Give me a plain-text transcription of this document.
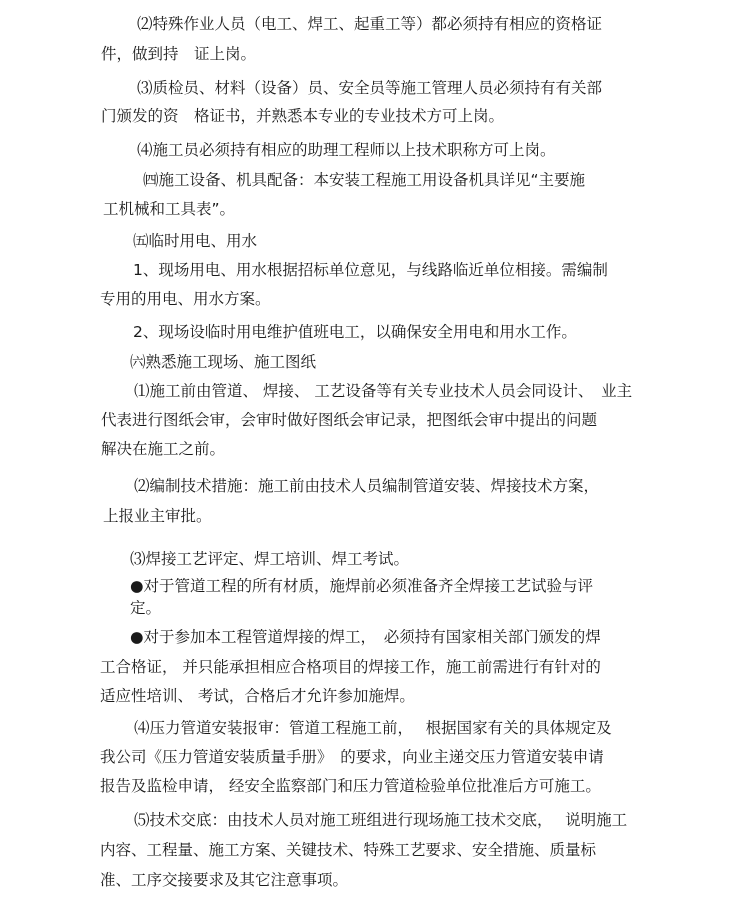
⑵特殊作业人员（电工、焊工、起重工等）都必须持有相应的资格证

件，做到持　证上岗。

⑶质检员、材料（设备）员、安全员等施工管理人员必须持有有关部

门颁发的资　格证书，并熟悉本专业的专业技术方可上岗。

⑷施工员必须持有相应的助理工程师以上技术职称方可上岗。

㈣施工设备、机具配备：本安装工程施工用设备机具详见“主要施

工机械和工具表”。

㈤临时用电、用水

1、现场用电、用水根据招标单位意见，与线路临近单位相接。需编制

专用的用电、用水方案。

2、现场设临时用电维护值班电工，以确保安全用电和用水工作。

㈥熟悉施工现场、施工图纸

⑴施工前由管道、 焊接、 工艺设备等有关专业技术人员会同设计、　业主

代表进行图纸会审，会审时做好图纸会审记录，把图纸会审中提出的问题

解决在施工之前。

⑵编制技术措施：施工前由技术人员编制管道安装、焊接技术方案，

上报业主审批。

⑶焊接工艺评定、焊工培训、焊工考试。

●对于管道工程的所有材质，施焊前必须准备齐全焊接工艺试验与评

定。

●对于参加本工程管道焊接的焊工，　必须持有国家相关部门颁发的焊

工合格证， 并只能承担相应合格项目的焊接工作，施工前需进行有针对的

适应性培训、 考试，合格后才允许参加施焊。

⑷压力管道安装报审：管道工程施工前，　 根据国家有关的具体规定及

我公司《压力管道安装质量手册》　的要求，向业主递交压力管道安装申请

报告及监检申请， 经安全监察部门和压力管道检验单位批准后方可施工。

⑸技术交底：由技术人员对施工班组进行现场施工技术交底，　 说明施工

内容、工程量、施工方案、关键技术、特殊工艺要求、安全措施、质量标

准、工序交接要求及其它注意事项。
